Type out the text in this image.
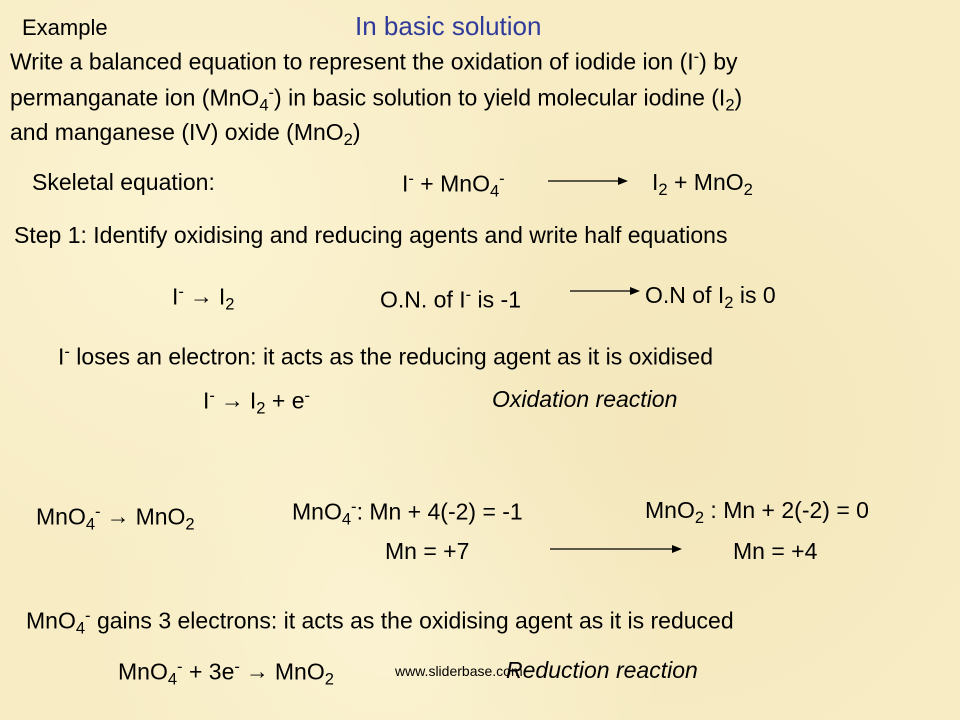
Example	In basic solution
Write a balanced equation to represent the oxidation of iodide ion (I-) by
permanganate ion (MnO$_4$-) in basic solution to yield molecular iodine $(I_2)$
and manganese (IV) oxide (MnO$_2$)
Skeletal equation:	I- + MnO$_4$-	$I_2 + MnO_2$
Step 1: Identify oxidising and reducing agents and write half equations
$I^- \to I_2$	O.N. of I- is -1	O.N of $I_2$ is 0
I- loses an electron: it acts as the reducing agent as it is oxidised
$I^- \to I_2 + e^-$	Oxidation reaction
MnO$_4$- → MnO$_2$	MnO$_4$-: Mn + 4(-2) = -1	MnO$_2$ : Mn + 2(-2) = 0
Mn = +7	Mn = +4
MnO$_4$- gains 3 electrons: it acts as the oxidising agent as it is reduced
MnO$_4$- + 3e- → MnO$_2$	Reduction reaction
www.sliderbase.com
